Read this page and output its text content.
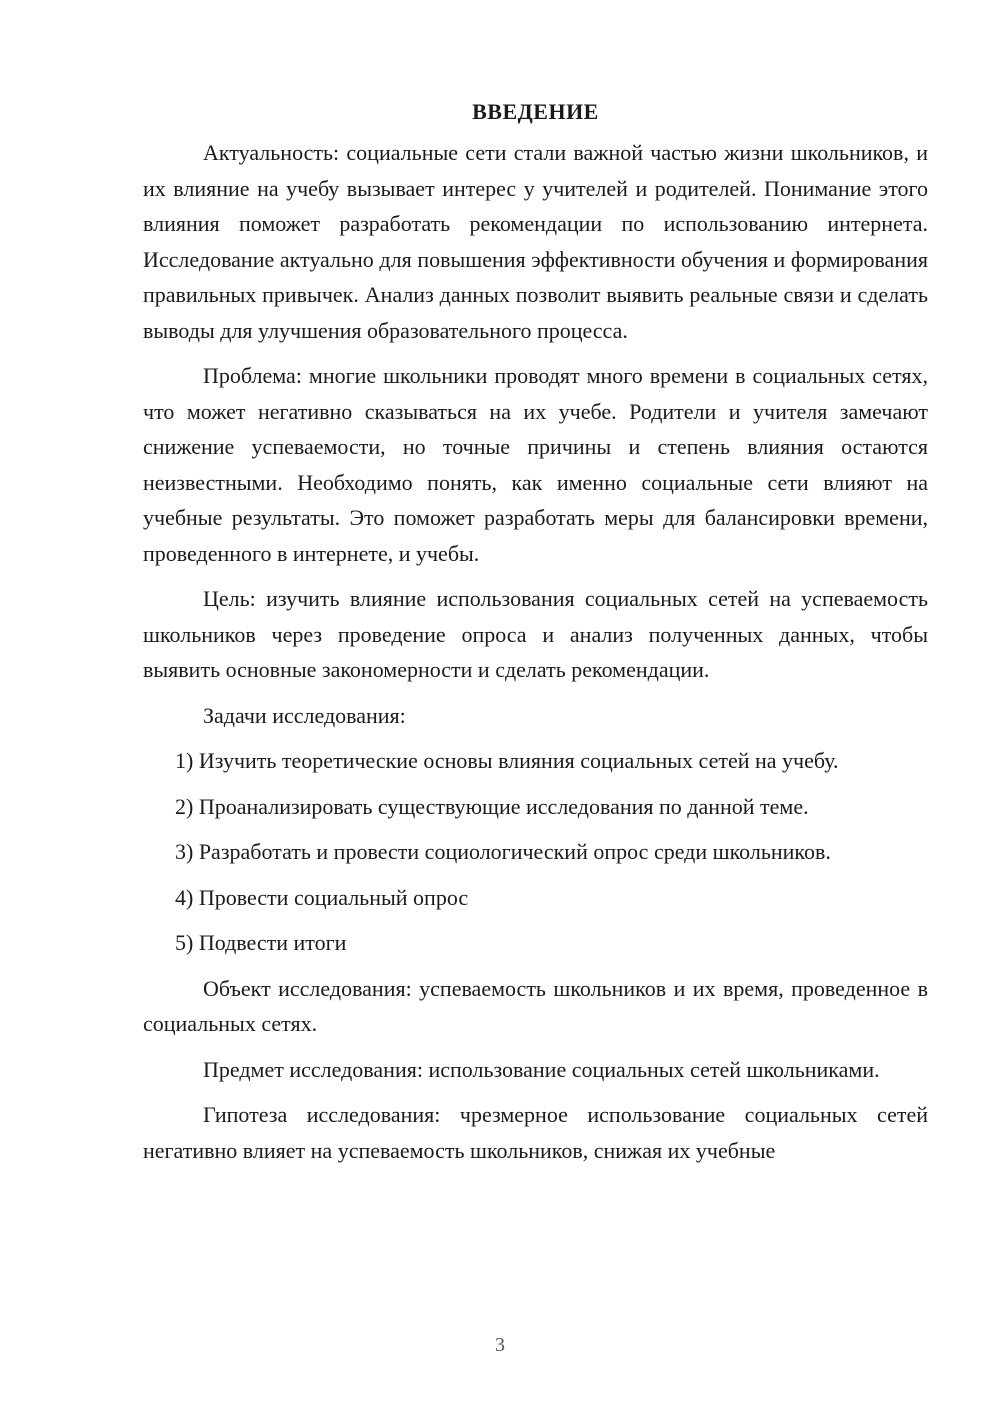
ВВЕДЕНИЕ

Актуальность: социальные сети стали важной частью жизни школьников, и их влияние на учебу вызывает интерес у учителей и родителей. Понимание этого влияния поможет разработать рекомендации по использованию интернета. Исследование актуально для повышения эффективности обучения и формирования правильных привычек. Анализ данных позволит выявить реальные связи и сделать выводы для улучшения образовательного процесса.

Проблема: многие школьники проводят много времени в социальных сетях, что может негативно сказываться на их учебе. Родители и учителя замечают снижение успеваемости, но точные причины и степень влияния остаются неизвестными. Необходимо понять, как именно социальные сети влияют на учебные результаты. Это поможет разработать меры для балансировки времени, проведенного в интернете, и учебы.

Цель: изучить влияние использования социальных сетей на успеваемость школьников через проведение опроса и анализ полученных данных, чтобы выявить основные закономерности и сделать рекомендации.

Задачи исследования:

1) Изучить теоретические основы влияния социальных сетей на учебу.
2) Проанализировать существующие исследования по данной теме.
3) Разработать и провести социологический опрос среди школьников.
4) Провести социальный опрос
5) Подвести итоги

Объект исследования: успеваемость школьников и их время, проведенное в социальных сетях.

Предмет исследования: использование социальных сетей школьниками.

Гипотеза исследования: чрезмерное использование социальных сетей негативно влияет на успеваемость школьников, снижая их учебные

3
